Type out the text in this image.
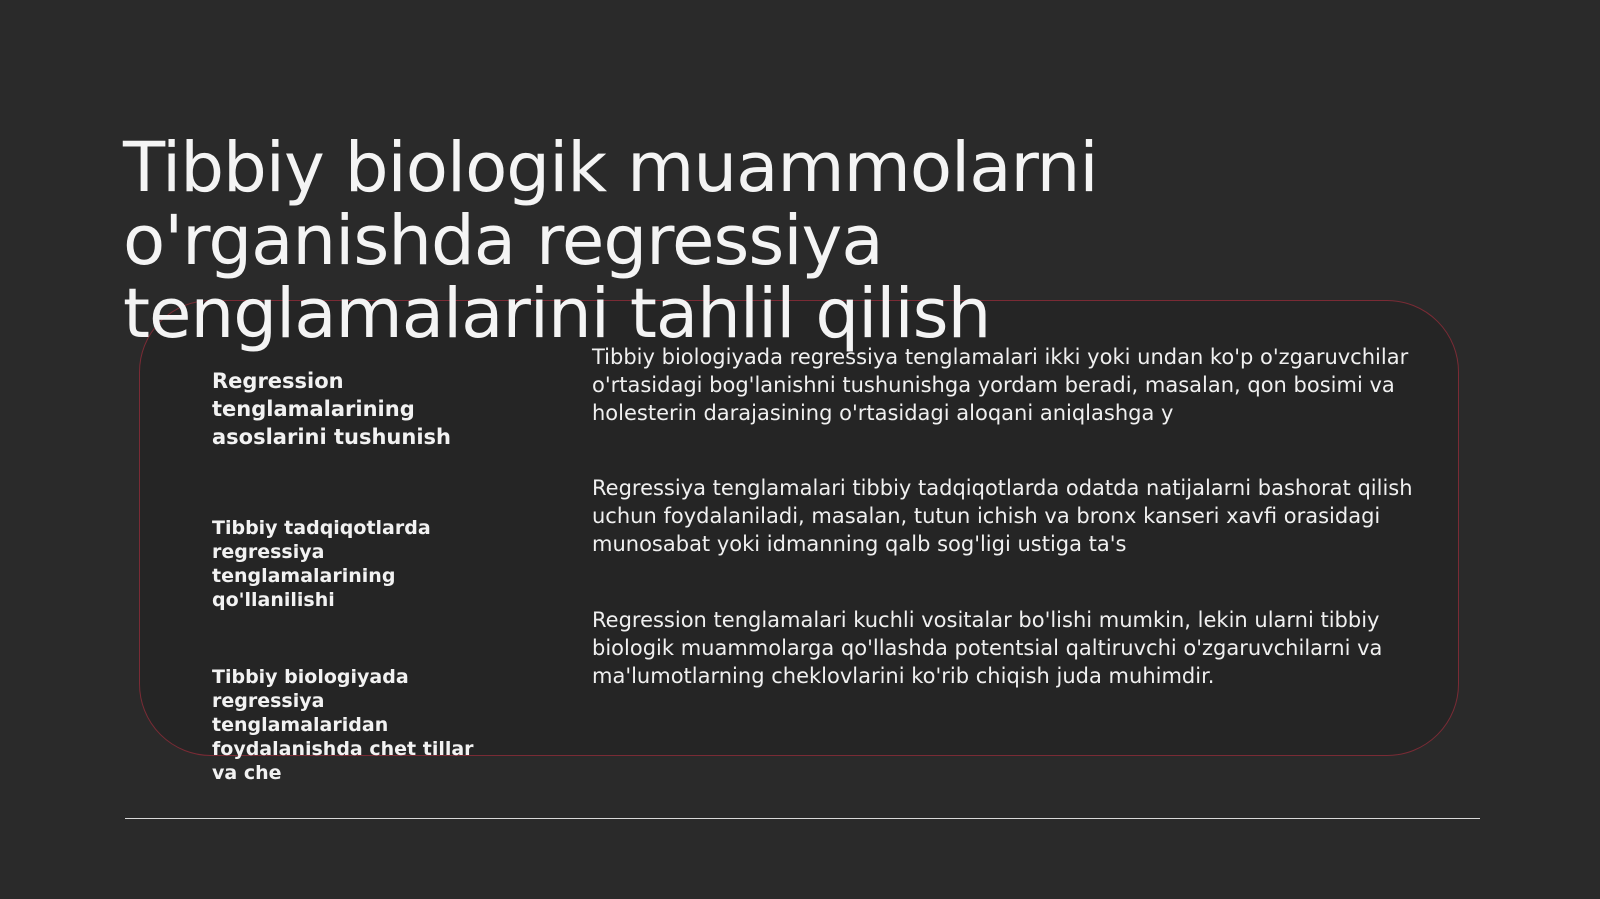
Tibbiy biologik muammolarni
o'rganishda regressiya
tenglamalarini tahlil qilish

Regression tenglamalarining asoslarini tushunish

Tibbiy biologiyada regressiya tenglamalari ikki yoki undan ko'p o'zgaruvchilar o'rtasidagi bog'lanishni tushunishga yordam beradi, masalan, qon bosimi va holesterin darajasining o'rtasidagi aloqani aniqlashga y

Tibbiy tadqiqotlarda regressiya tenglamalarining qo'llanilishi

Regressiya tenglamalari tibbiy tadqiqotlarda odatda natijalarni bashorat qilish uchun foydalaniladi, masalan, tutun ichish va bronx kanseri xavfi orasidagi munosabat yoki idmanning qalb sog'ligi ustiga ta's

Tibbiy biologiyada regressiya tenglamalaridan foydalanishda chet tillar va che

Regression tenglamalari kuchli vositalar bo'lishi mumkin, lekin ularni tibbiy biologik muammolarga qo'llashda potentsial qaltiruvchi o'zgaruvchilarni va ma'lumotlarning cheklovlarini ko'rib chiqish juda muhimdir.
